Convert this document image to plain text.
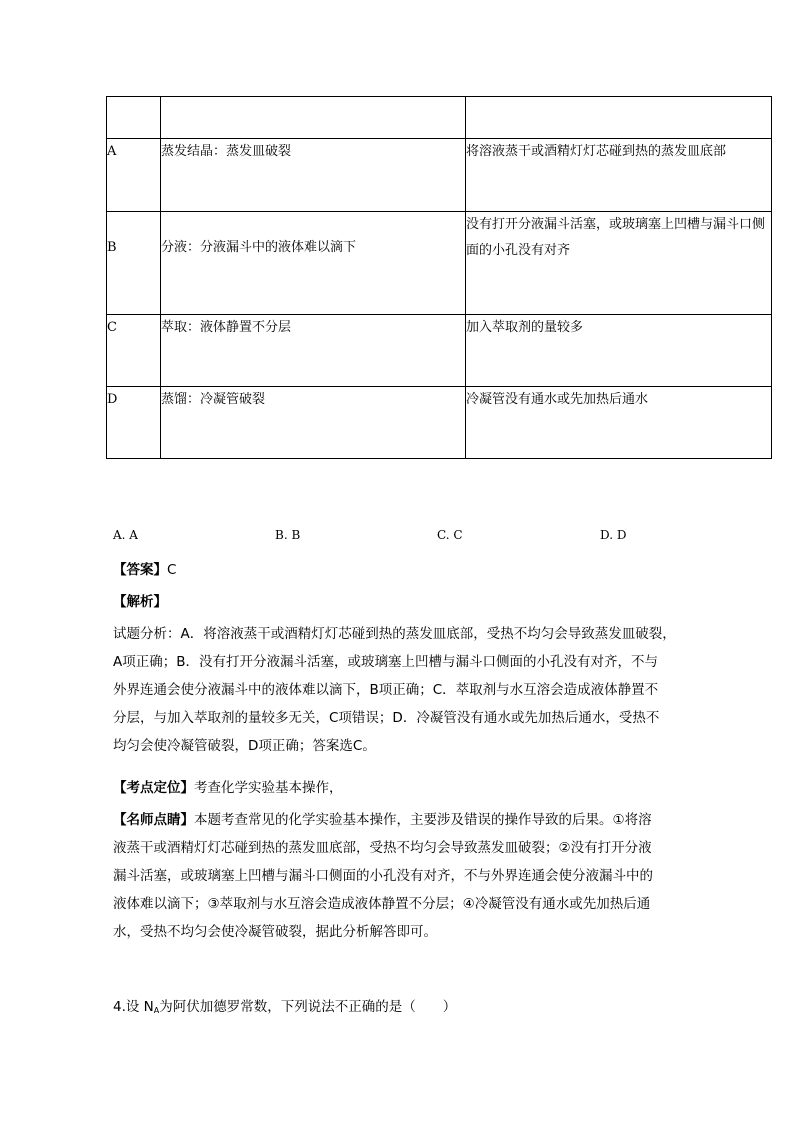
A	蒸发结晶：蒸发皿破裂	将溶液蒸干或酒精灯灯芯碰到热的蒸发皿底部
B	分液：分液漏斗中的液体难以滴下	没有打开分液漏斗活塞，或玻璃塞上凹槽与漏斗口侧面的小孔没有对齐
C	萃取：液体静置不分层	加入萃取剂的量较多
D	蒸馏：冷凝管破裂	冷凝管没有通水或先加热后通水
A. A	B. B	C. C	D. D
【答案】C
【解析】
试题分析：A．将溶液蒸干或酒精灯灯芯碰到热的蒸发皿底部，受热不均匀会导致蒸发皿破裂，
A项正确；B．没有打开分液漏斗活塞，或玻璃塞上凹槽与漏斗口侧面的小孔没有对齐，不与
外界连通会使分液漏斗中的液体难以滴下，B项正确；C．萃取剂与水互溶会造成液体静置不
分层，与加入萃取剂的量较多无关，C项错误；D．冷凝管没有通水或先加热后通水，受热不
均匀会使冷凝管破裂，D项正确；答案选C。
【考点定位】考查化学实验基本操作，
【名师点睛】本题考查常见的化学实验基本操作，主要涉及错误的操作导致的后果。①将溶
液蒸干或酒精灯灯芯碰到热的蒸发皿底部，受热不均匀会导致蒸发皿破裂；②没有打开分液
漏斗活塞，或玻璃塞上凹槽与漏斗口侧面的小孔没有对齐，不与外界连通会使分液漏斗中的
液体难以滴下；③萃取剂与水互溶会造成液体静置不分层；④冷凝管没有通水或先加热后通
水，受热不均匀会使冷凝管破裂，据此分析解答即可。
4.设 $N_A$为阿伏加德罗常数，下列说法不正确的是（　　）
